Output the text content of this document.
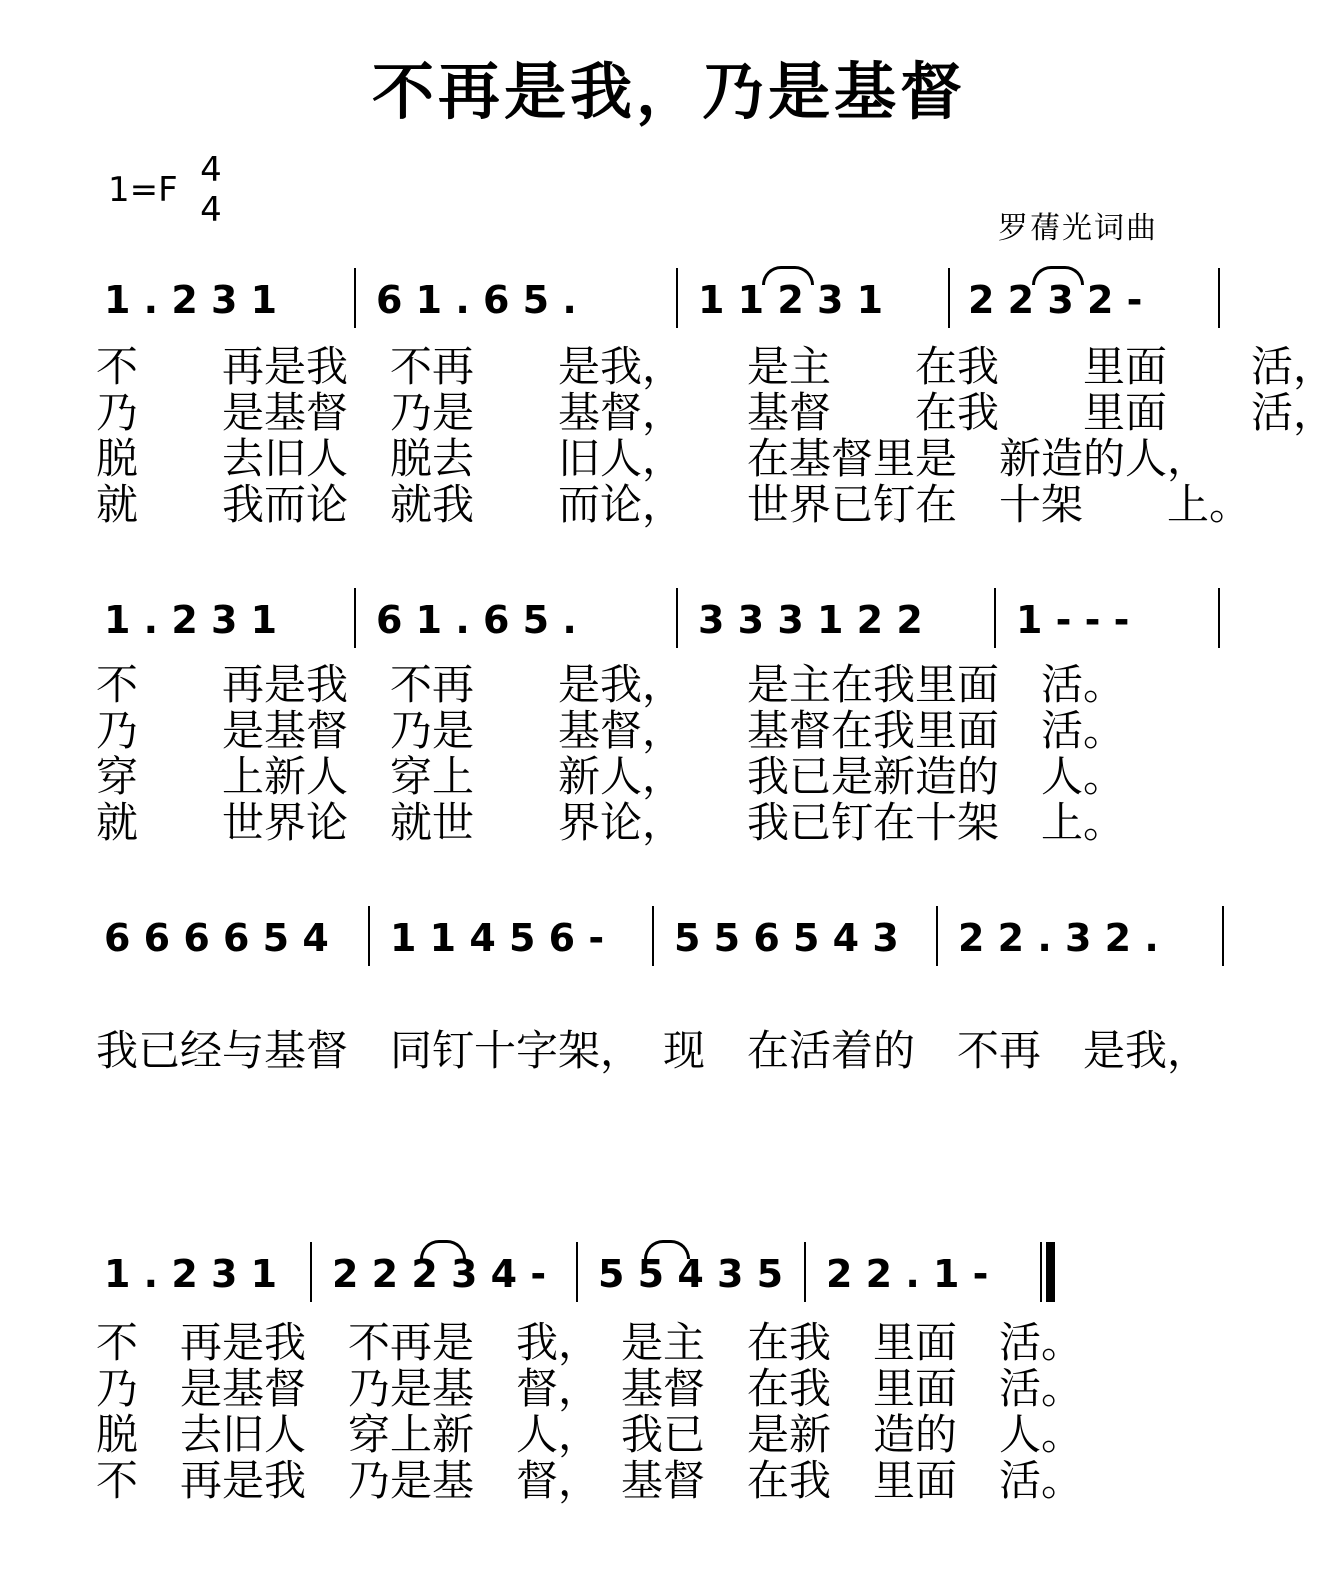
不再是我，乃是基督
1=F 4
4	罗蒨光词曲
1 . 2 3 1	6 1 . 6 5 .	1 1 2 3 1 2 2 3 2 -
不　　再是我　不再　　是我，　　是主　　在我　　里面　　活，
乃　　是基督　乃是　　基督，　　基督　　在我　　里面　　活，
脱　　去旧人　脱去　　旧人，　　在基督里是　新造的人，
就　　我而论　就我　　而论，　　世界已钉在　十架　　上。
1 . 2 3 1	6 1 . 6 5 .	3 3 3 1 2 2 1 - - -
不　　再是我　不再　　是我，　　是主在我里面　活。
乃　　是基督　乃是　　基督，　　基督在我里面　活。
穿　　上新人　穿上　　新人，　　我已是新造的　人。
就　　世界论　就世　　界论，　　我已钉在十架　上。
6 6 6 6 5 4 1 1 4 5 6 - 5 5 6 5 4 3 2 2 . 3 2 .
我已经与基督　同钉十字架，　现　在活着的　不再　是我，
1 . 2 3 1 2 2 2 3 4 - 5 5 4 3 5 2 2 . 1 -
不　再是我　不再是　我，　是主　在我　里面　活。
乃　是基督　乃是基　督，　基督　在我　里面　活。
脱　去旧人　穿上新　人，　我已　是新　造的　人。
不　再是我　乃是基　督，　基督　在我　里面　活。
